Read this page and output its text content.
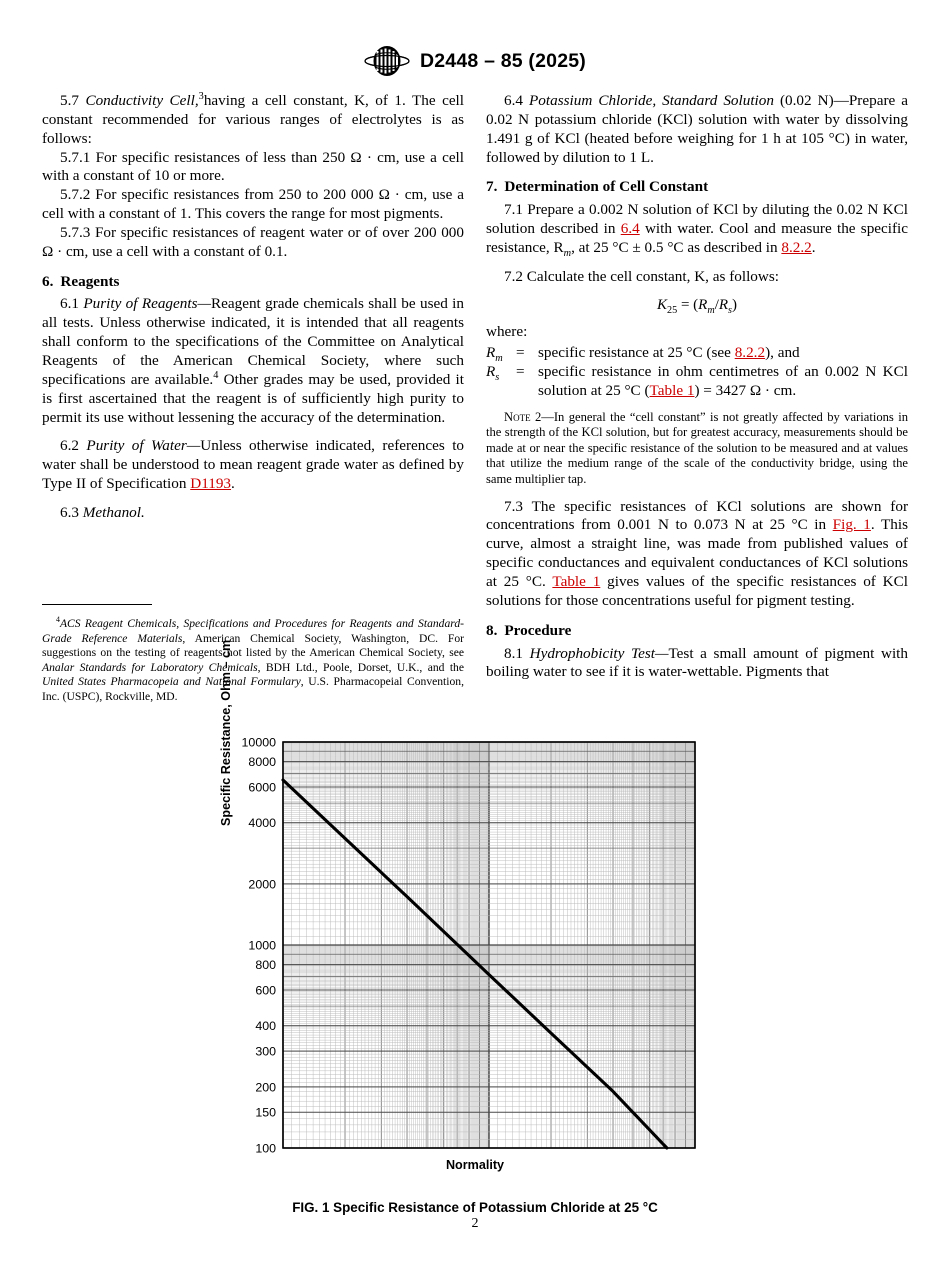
D2448 – 85 (2025)

5.7 Conductivity Cell,$^3$having a cell constant, K, of 1. The cell constant recommended for various ranges of electrolytes is as follows:

5.7.1 For specific resistances of less than 250 Ω · cm, use a cell with a constant of 10 or more.

5.7.2 For specific resistances from 250 to 200 000 Ω · cm, use a cell with a constant of 1. This covers the range for most pigments.

5.7.3 For specific resistances of reagent water or of over 200 000 Ω · cm, use a cell with a constant of 0.1.

6. Reagents

6.1 Purity of Reagents—Reagent grade chemicals shall be used in all tests. Unless otherwise indicated, it is intended that all reagents shall conform to the specifications of the Committee on Analytical Reagents of the American Chemical Society, where such specifications are available.$^4$ Other grades may be used, provided it is first ascertained that the reagent is of sufficiently high purity to permit its use without lessening the accuracy of the determination.

6.2 Purity of Water—Unless otherwise indicated, references to water shall be understood to mean reagent grade water as defined by Type II of Specification D1193.

6.3 Methanol.

$^4$ACS Reagent Chemicals, Specifications and Procedures for Reagents and Standard-Grade Reference Materials, American Chemical Society, Washington, DC. For suggestions on the testing of reagents not listed by the American Chemical Society, see Analar Standards for Laboratory Chemicals, BDH Ltd., Poole, Dorset, U.K., and the United States Pharmacopeia and National Formulary, U.S. Pharmacopeial Convention, Inc. (USPC), Rockville, MD.

6.4 Potassium Chloride, Standard Solution (0.02 N)—Prepare a 0.02 N potassium chloride (KCl) solution with water by dissolving 1.491 g of KCl (heated before weighing for 1 h at 105 °C) in water, followed by dilution to 1 L.

7. Determination of Cell Constant

7.1 Prepare a 0.002 N solution of KCl by diluting the 0.02 N KCl solution described in 6.4 with water. Cool and measure the specific resistance, $R_m$, at 25 °C ± 0.5 °C as described in 8.2.2.

7.2 Calculate the cell constant, K, as follows:

$K_{25} = (R_m/R_s)$

where:

$R_m$	=	specific resistance at 25 °C (see 8.2.2), and
$R_s$	=	specific resistance in ohm centimetres of an 0.002 N KCl solution at 25 °C (Table 1) = 3427 Ω · cm.

Note 2—In general the “cell constant” is not greatly affected by variations in the strength of the KCl solution, but for greatest accuracy, measurements should be made at or near the specific resistance of the solution to be measured and at values that utilize the medium range of the scale of the conductivity bridge, using the same multiplier tap.

7.3 The specific resistances of KCl solutions are shown for concentrations from 0.001 N to 0.073 N at 25 °C in Fig. 1. This curve, almost a straight line, was made from published values of specific conductances and equivalent conductances of KCl solutions at 25 °C. Table 1 gives values of the specific resistances of KCl solutions for those concentrations useful for pigment testing.

8. Procedure

8.1 Hydrophobicity Test—Test a small amount of pigment with boiling water to see if it is water-wettable. Pigments that

Specific Resistance, Ohm – cm
100
150
200
300
400
600
800
1000
2000
4000
6000
8000
10000
Normality
FIG. 1 Specific Resistance of Potassium Chloride at 25 °C
2
